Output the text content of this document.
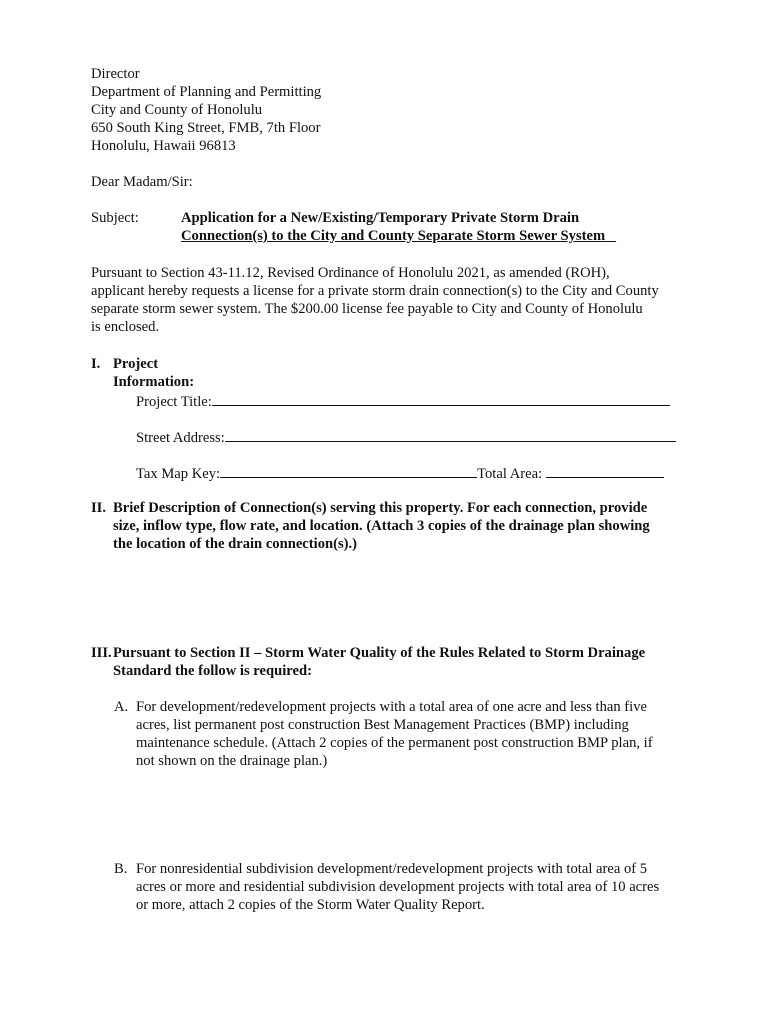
Director
Department of Planning and Permitting
City and County of Honolulu
650 South King Street, FMB, 7th Floor
Honolulu, Hawaii 96813
Dear Madam/Sir:
Subject:	Application for a New/Existing/Temporary Private Storm Drain
Connection(s) to the City and County Separate Storm Sewer System
Pursuant to Section 43-11.12, Revised Ordinance of Honolulu 2021, as amended (ROH),
applicant hereby requests a license for a private storm drain connection(s) to the City and County
separate storm sewer system. The $200.00 license fee payable to City and County of Honolulu
is enclosed.
I. Project Information:
Project Title:
Street Address:
Tax Map Key:	Total Area:
II. Brief Description of Connection(s) serving this property. For each connection, provide
size, inflow type, flow rate, and location. (Attach 3 copies of the drainage plan showing
the location of the drain connection(s).)
III. Pursuant to Section II – Storm Water Quality of the Rules Related to Storm Drainage
Standard the follow is required:
A. For development/redevelopment projects with a total area of one acre and less than five
acres, list permanent post construction Best Management Practices (BMP) including
maintenance schedule. (Attach 2 copies of the permanent post construction BMP plan, if
not shown on the drainage plan.)
B. For nonresidential subdivision development/redevelopment projects with total area of 5
acres or more and residential subdivision development projects with total area of 10 acres
or more, attach 2 copies of the Storm Water Quality Report.
